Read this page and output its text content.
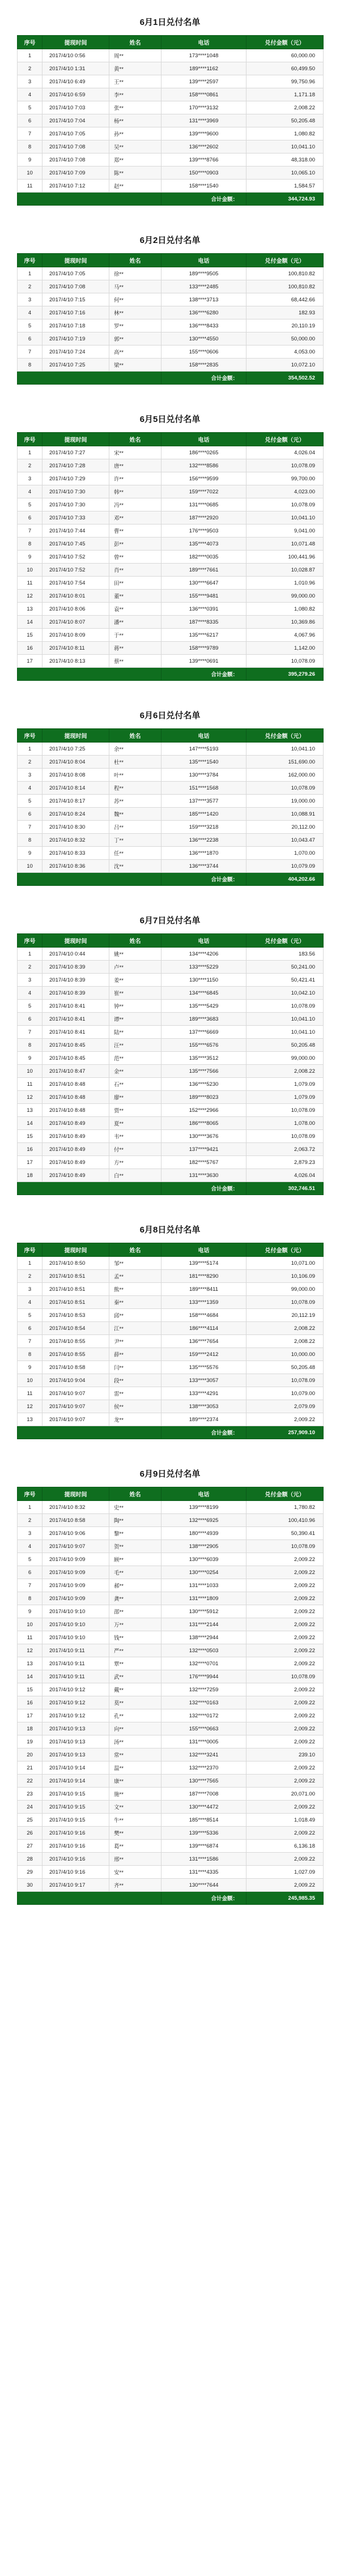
6月1日兑付名单
序号	提现时间	姓名	电话	兑付金额（元）
1	2017/4/10 0:56	周**	173****1048	60,000.00
2	2017/4/10 1:31	黄**	189****1162	60,499.50
3	2017/4/10 6:49	王**	139****2597	99,750.96
4	2017/4/10 6:59	李**	158****0861	1,171.18
5	2017/4/10 7:03	张**	170****3132	2,008.22
6	2017/4/10 7:04	杨**	131****3969	50,205.48
7	2017/4/10 7:05	孙**	139****9600	1,080.82
8	2017/4/10 7:08	吴**	136****2602	10,041.10
9	2017/4/10 7:08	郑**	139****8766	48,318.00
10	2017/4/10 7:09	陈**	150****0903	10,065.10
11	2017/4/10 7:12	赵**	158****1540	1,584.57
			合计金额：	344,724.93
6月2日兑付名单
序号	提现时间	姓名	电话	兑付金额（元）
1	2017/4/10 7:05	徐**	189****9505	100,810.82
2	2017/4/10 7:08	马**	133****2485	100,810.82
3	2017/4/10 7:15	何**	138****3713	68,442.66
4	2017/4/10 7:16	林**	136****6280	182.93
5	2017/4/10 7:18	罗**	136****8433	20,110.19
6	2017/4/10 7:19	郭**	130****4550	50,000.00
7	2017/4/10 7:24	高**	155****0606	4,053.00
8	2017/4/10 7:25	梁**	158****2835	10,072.10
			合计金额：	354,502.52
6月5日兑付名单
序号	提现时间	姓名	电话	兑付金额（元）
1	2017/4/10 7:27	宋**	186****0265	4,026.04
2	2017/4/10 7:28	唐**	132****8586	10,078.09
3	2017/4/10 7:29	许**	156****9599	99,700.00
4	2017/4/10 7:30	韩**	159****7022	4,023.00
5	2017/4/10 7:30	冯**	131****0685	10,078.09
6	2017/4/10 7:33	邓**	187****2920	10,041.10
7	2017/4/10 7:44	曹**	176****9503	9,041.00
8	2017/4/10 7:45	彭**	135****4073	10,071.48
9	2017/4/10 7:52	曾**	182****0035	100,441.96
10	2017/4/10 7:52	肖**	189****7661	10,028.87
11	2017/4/10 7:54	田**	130****6647	1,010.96
12	2017/4/10 8:01	董**	155****9481	99,000.00
13	2017/4/10 8:06	袁**	136****0391	1,080.82
14	2017/4/10 8:07	潘**	187****8335	10,369.86
15	2017/4/10 8:09	于**	135****6217	4,067.96
16	2017/4/10 8:11	蒋**	158****9789	1,142.00
17	2017/4/10 8:13	蔡**	139****0691	10,078.09
			合计金额：	395,279.26
6月6日兑付名单
序号	提现时间	姓名	电话	兑付金额（元）
1	2017/4/10 7:25	余**	147****5193	10,041.10
2	2017/4/10 8:04	杜**	135****1540	151,690.00
3	2017/4/10 8:08	叶**	130****3784	162,000.00
4	2017/4/10 8:14	程**	151****1568	10,078.09
5	2017/4/10 8:17	苏**	137****3577	19,000.00
6	2017/4/10 8:24	魏**	185****1420	10,088.91
7	2017/4/10 8:30	吕**	159****3218	20,112.00
8	2017/4/10 8:32	丁**	136****2238	10,043.47
9	2017/4/10 8:33	任**	136****1870	1,070.00
10	2017/4/10 8:36	沈**	136****3744	10,079.09
			合计金额：	404,202.66
6月7日兑付名单
序号	提现时间	姓名	电话	兑付金额（元）
1	2017/4/10 0:44	姚**	134****4206	183.56
2	2017/4/10 8:39	卢**	133****5229	50,241.00
3	2017/4/10 8:39	姜**	130****1150	50,421.41
4	2017/4/10 8:39	崔**	134****6845	10,042.10
5	2017/4/10 8:41	钟**	135****5429	10,078.09
6	2017/4/10 8:41	谭**	189****3683	10,041.10
7	2017/4/10 8:41	陆**	137****6669	10,041.10
8	2017/4/10 8:45	汪**	155****6576	50,205.48
9	2017/4/10 8:45	范**	135****3512	99,000.00
10	2017/4/10 8:47	金**	135****7566	2,008.22
11	2017/4/10 8:48	石**	136****5230	1,079.09
12	2017/4/10 8:48	廖**	189****8023	1,079.09
13	2017/4/10 8:48	贾**	152****2966	10,078.09
14	2017/4/10 8:49	夏**	186****8065	1,078.00
15	2017/4/10 8:49	韦**	130****3676	10,078.09
16	2017/4/10 8:49	付**	137****9421	2,063.72
17	2017/4/10 8:49	方**	182****5767	2,879.23
18	2017/4/10 8:49	白**	131****3630	4,026.04
			合计金额：	302,746.51
6月8日兑付名单
序号	提现时间	姓名	电话	兑付金额（元）
1	2017/4/10 8:50	邹**	139****5174	10,071.00
2	2017/4/10 8:51	孟**	181****8290	10,106.09
3	2017/4/10 8:51	熊**	189****8411	99,000.00
4	2017/4/10 8:51	秦**	133****1359	10,078.09
5	2017/4/10 8:53	邱**	158****4684	20,112.19
6	2017/4/10 8:54	江**	186****4114	2,008.22
7	2017/4/10 8:55	尹**	136****7654	2,008.22
8	2017/4/10 8:55	薛**	159****2412	10,000.00
9	2017/4/10 8:58	闫**	135****5576	50,205.48
10	2017/4/10 9:04	段**	133****3057	10,078.09
11	2017/4/10 9:07	雷**	133****4291	10,079.00
12	2017/4/10 9:07	侯**	138****3053	2,079.09
13	2017/4/10 9:07	龙**	189****2374	2,009.22
			合计金额：	257,909.10
6月9日兑付名单
序号	提现时间	姓名	电话	兑付金额（元）
1	2017/4/10 8:32	史**	139****8199	1,780.82
2	2017/4/10 8:58	陶**	132****6925	100,410.96
3	2017/4/10 9:06	黎**	180****4939	50,390.41
4	2017/4/10 9:07	贺**	138****2905	10,078.09
5	2017/4/10 9:09	顾**	130****6039	2,009.22
6	2017/4/10 9:09	毛**	130****0254	2,009.22
7	2017/4/10 9:09	郝**	131****1033	2,009.22
8	2017/4/10 9:09	龚**	131****1809	2,009.22
9	2017/4/10 9:10	邵**	130****5912	2,009.22
10	2017/4/10 9:10	万**	131****2144	2,009.22
11	2017/4/10 9:10	钱**	138****2944	2,009.22
12	2017/4/10 9:11	严**	132****0503	2,009.22
13	2017/4/10 9:11	覃**	132****0701	2,009.22
14	2017/4/10 9:11	武**	176****9944	10,078.09
15	2017/4/10 9:12	戴**	132****7259	2,009.22
16	2017/4/10 9:12	莫**	132****0163	2,009.22
17	2017/4/10 9:12	孔**	132****0172	2,009.22
18	2017/4/10 9:13	向**	155****0663	2,009.22
19	2017/4/10 9:13	汤**	131****0005	2,009.22
20	2017/4/10 9:13	常**	132****3241	239.10
21	2017/4/10 9:14	温**	132****2370	2,009.22
22	2017/4/10 9:14	康**	130****7565	2,009.22
23	2017/4/10 9:15	施**	187****7008	20,071.00
24	2017/4/10 9:15	文**	130****4472	2,009.22
25	2017/4/10 9:15	牛**	185****8514	1,018.49
26	2017/4/10 9:16	樊**	139****5336	2,009.22
27	2017/4/10 9:16	葛**	139****6874	6,136.18
28	2017/4/10 9:16	邢**	131****1586	2,009.22
29	2017/4/10 9:16	安**	131****4335	1,027.09
30	2017/4/10 9:17	齐**	130****7644	2,009.22
			合计金额：	245,985.35
